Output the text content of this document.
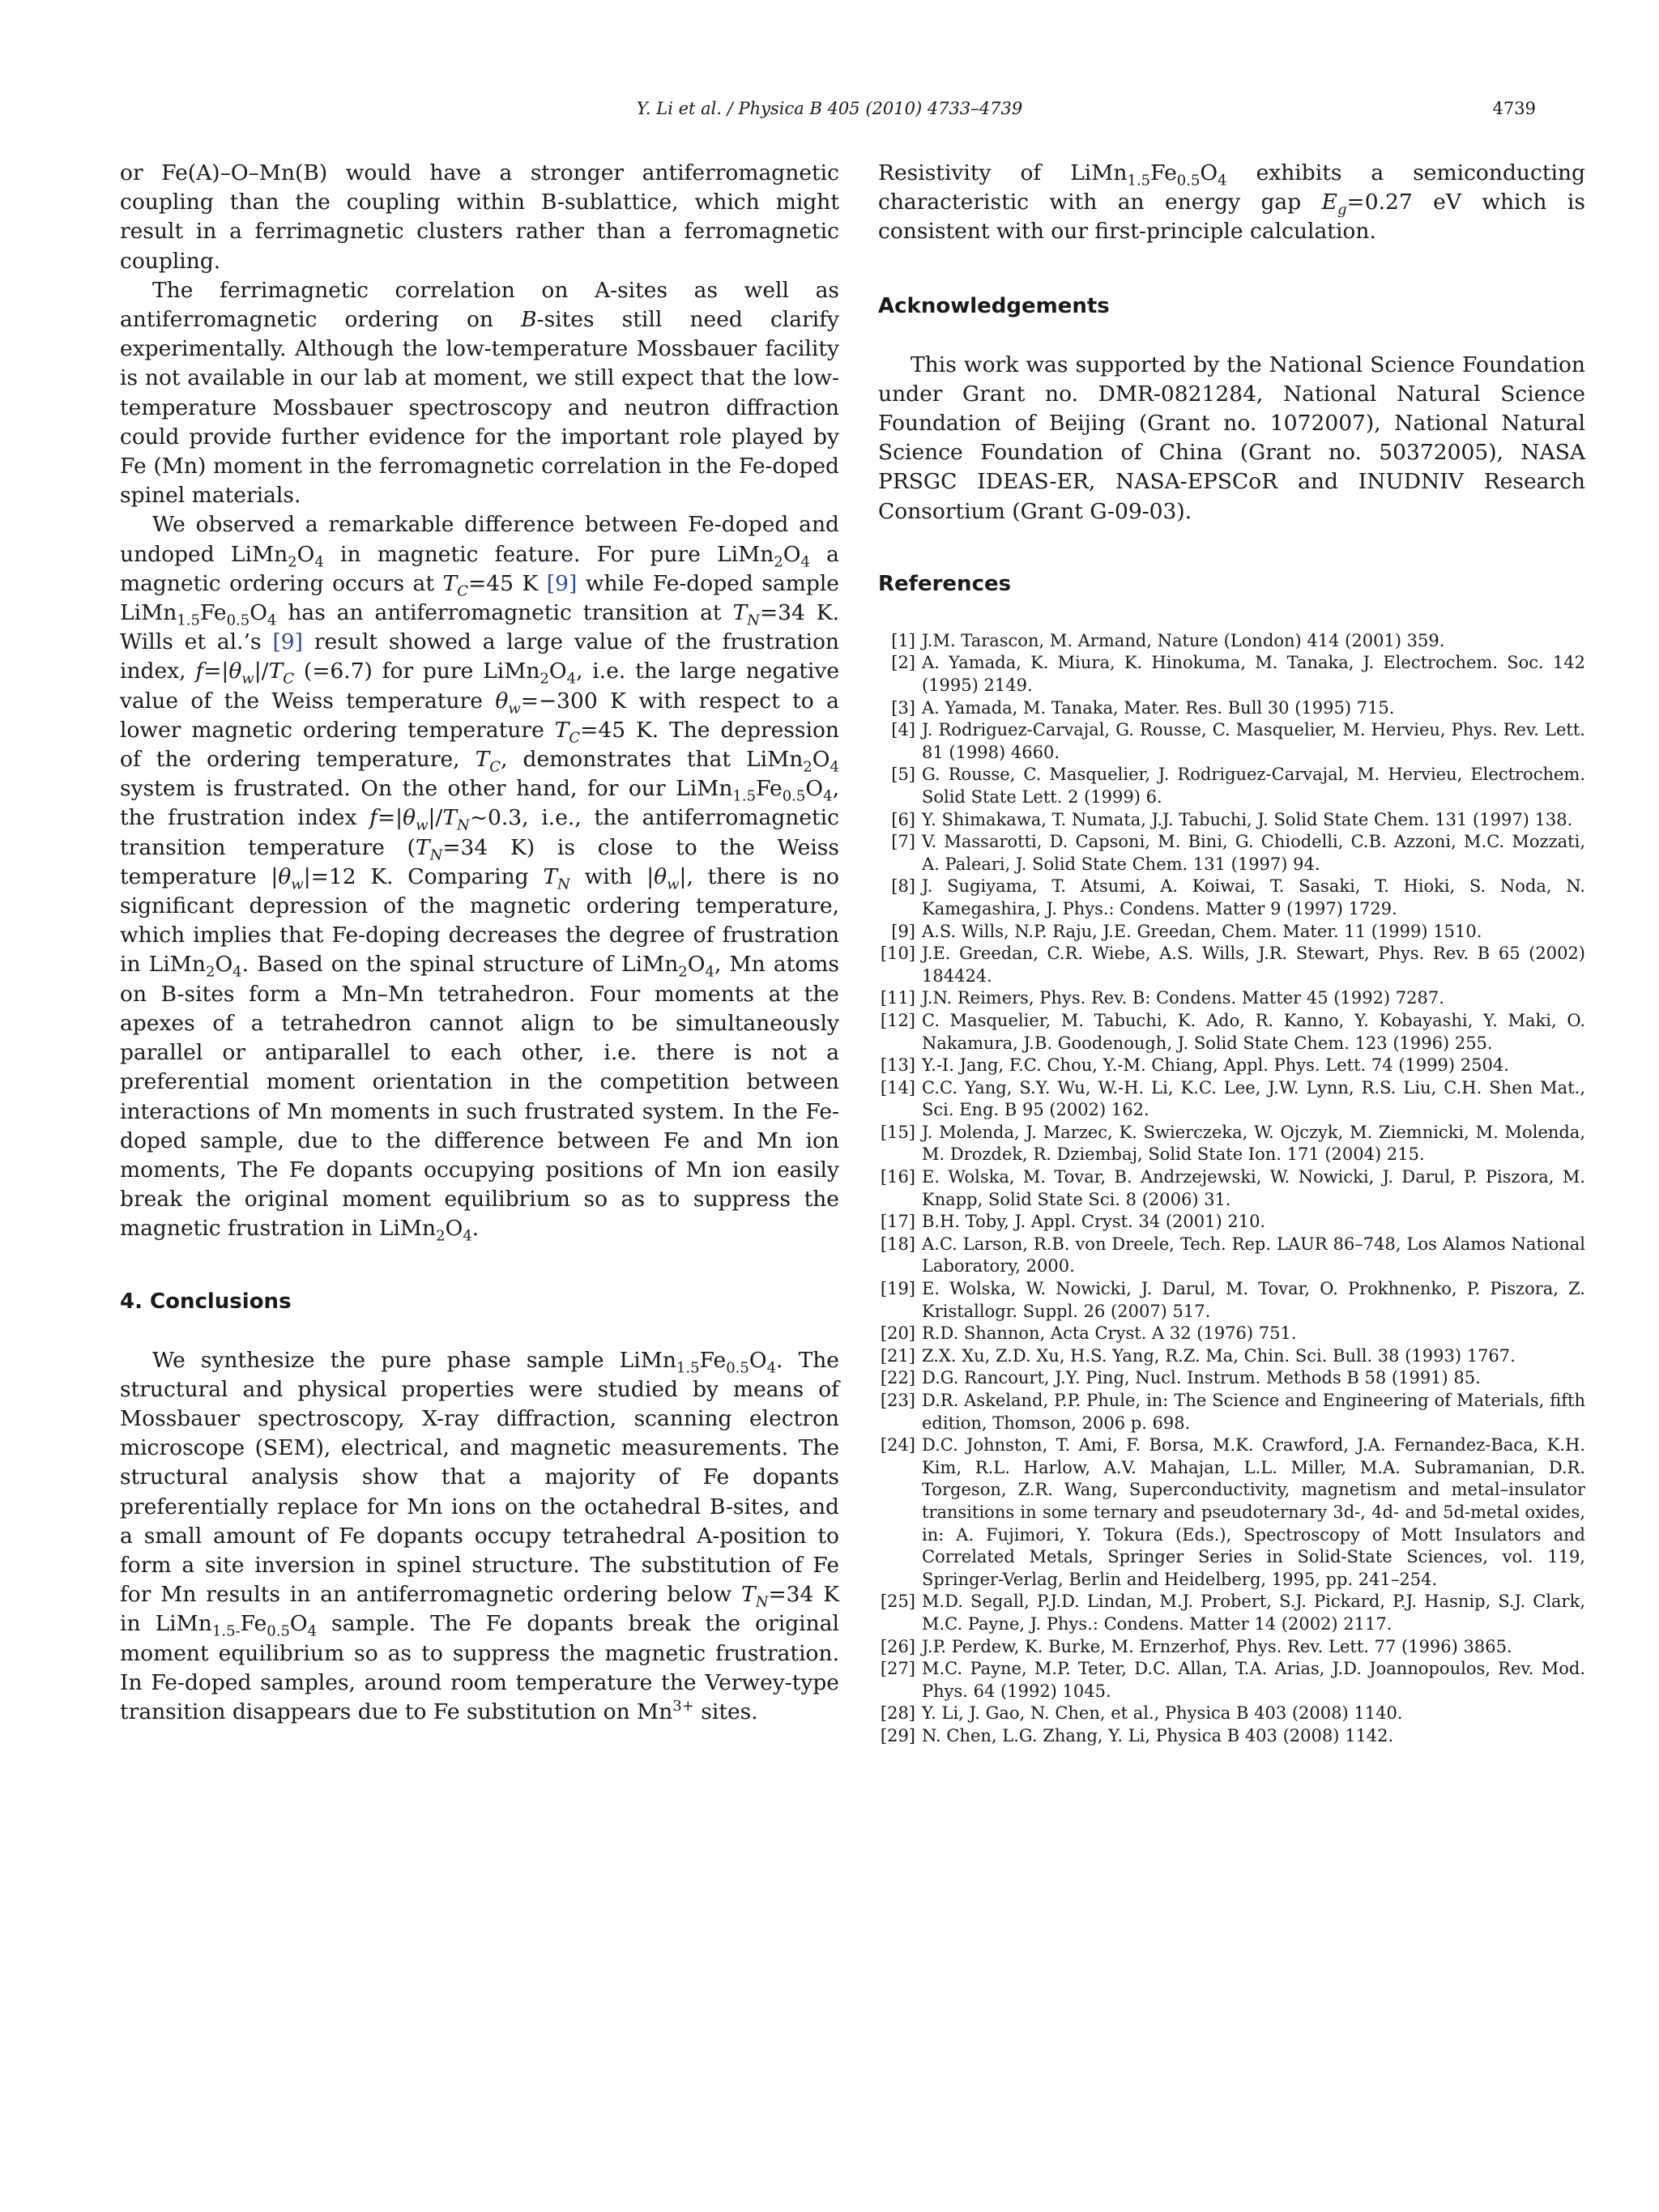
Y. Li et al. / Physica B 405 (2010) 4733–4739	4739

or Fe(A)–O–Mn(B) would have a stronger antiferromagnetic coupling than the coupling within B-sublattice, which might result in a ferrimagnetic clusters rather than a ferromagnetic coupling.

The ferrimagnetic correlation on A-sites as well as antiferromagnetic ordering on B-sites still need clarify experimentally. Although the low-temperature Mossbauer facility is not available in our lab at moment, we still expect that the low-temperature Mossbauer spectroscopy and neutron diffraction could provide further evidence for the important role played by Fe (Mn) moment in the ferromagnetic correlation in the Fe-doped spinel materials.

We observed a remarkable difference between Fe-doped and undoped $LiMn_2O_4$ in magnetic feature. For pure $LiMn_2O_4$ a magnetic ordering occurs at $T_C=45$ K [9] while Fe-doped sample $LiMn_{1.5}Fe_{0.5}O_4$ has an antiferromagnetic transition at $T_N=34$ K. Wills et al.’s [9] result showed a large value of the frustration index, $f=|\theta_w|/T_C$ (=6.7) for pure $LiMn_2O_4$, i.e. the large negative value of the Weiss temperature $\theta_w=-300$ K with respect to a lower magnetic ordering temperature $T_C=45$ K. The depression of the ordering temperature, $T_C$, demonstrates that $LiMn_2O_4$ system is frustrated. On the other hand, for our $LiMn_{1.5}Fe_{0.5}O_4$, the frustration index $f=|\theta_w|/T_N\sim 0.3$, i.e., the antiferromagnetic transition temperature ($T_N=34$ K) is close to the Weiss temperature $|\theta_w|=12$ K. Comparing $T_N$ with $|\theta_w|$, there is no significant depression of the magnetic ordering temperature, which implies that Fe-doping decreases the degree of frustration in $LiMn_2O_4$. Based on the spinal structure of $LiMn_2O_4$, Mn atoms on B-sites form a Mn–Mn tetrahedron. Four moments at the apexes of a tetrahedron cannot align to be simultaneously parallel or antiparallel to each other, i.e. there is not a preferential moment orientation in the competition between interactions of Mn moments in such frustrated system. In the Fe-doped sample, due to the difference between Fe and Mn ion moments, The Fe dopants occupying positions of Mn ion easily break the original moment equilibrium so as to suppress the magnetic frustration in $LiMn_2O_4$.

4. Conclusions

We synthesize the pure phase sample $LiMn_{1.5}Fe_{0.5}O_4$. The structural and physical properties were studied by means of Mossbauer spectroscopy, X-ray diffraction, scanning electron microscope (SEM), electrical, and magnetic measurements. The structural analysis show that a majority of Fe dopants preferentially replace for Mn ions on the octahedral B-sites, and a small amount of Fe dopants occupy tetrahedral A-position to form a site inversion in spinel structure. The substitution of Fe for Mn results in an antiferromagnetic ordering below $T_N=34$ K in $LiMn_{1.5-}Fe_{0.5}O_4$ sample. The Fe dopants break the original moment equilibrium so as to suppress the magnetic frustration. In Fe-doped samples, around room temperature the Verwey-type transition disappears due to Fe substitution on $Mn^{3+}$ sites.

Resistivity of $LiMn_{1.5}Fe_{0.5}O_4$ exhibits a semiconducting characteristic with an energy gap $E_g=0.27$ eV which is consistent with our first-principle calculation.

Acknowledgements

This work was supported by the National Science Foundation under Grant no. DMR-0821284, National Natural Science Foundation of Beijing (Grant no. 1072007), National Natural Science Foundation of China (Grant no. 50372005), NASA PRSGC IDEAS-ER, NASA-EPSCoR and INUDNIV Research Consortium (Grant G-09-03).

References
[1] J.M. Tarascon, M. Armand, Nature (London) 414 (2001) 359.
[2] A. Yamada, K. Miura, K. Hinokuma, M. Tanaka, J. Electrochem. Soc. 142 (1995) 2149.
[3] A. Yamada, M. Tanaka, Mater. Res. Bull 30 (1995) 715.
[4] J. Rodriguez-Carvajal, G. Rousse, C. Masquelier, M. Hervieu, Phys. Rev. Lett. 81 (1998) 4660.
[5] G. Rousse, C. Masquelier, J. Rodriguez-Carvajal, M. Hervieu, Electrochem. Solid State Lett. 2 (1999) 6.
[6] Y. Shimakawa, T. Numata, J.J. Tabuchi, J. Solid State Chem. 131 (1997) 138.
[7] V. Massarotti, D. Capsoni, M. Bini, G. Chiodelli, C.B. Azzoni, M.C. Mozzati, A. Paleari, J. Solid State Chem. 131 (1997) 94.
[8] J. Sugiyama, T. Atsumi, A. Koiwai, T. Sasaki, T. Hioki, S. Noda, N. Kamegashira, J. Phys.: Condens. Matter 9 (1997) 1729.
[9] A.S. Wills, N.P. Raju, J.E. Greedan, Chem. Mater. 11 (1999) 1510.
[10] J.E. Greedan, C.R. Wiebe, A.S. Wills, J.R. Stewart, Phys. Rev. B 65 (2002) 184424.
[11] J.N. Reimers, Phys. Rev. B: Condens. Matter 45 (1992) 7287.
[12] C. Masquelier, M. Tabuchi, K. Ado, R. Kanno, Y. Kobayashi, Y. Maki, O. Nakamura, J.B. Goodenough, J. Solid State Chem. 123 (1996) 255.
[13] Y.-I. Jang, F.C. Chou, Y.-M. Chiang, Appl. Phys. Lett. 74 (1999) 2504.
[14] C.C. Yang, S.Y. Wu, W.-H. Li, K.C. Lee, J.W. Lynn, R.S. Liu, C.H. Shen Mat., Sci. Eng. B 95 (2002) 162.
[15] J. Molenda, J. Marzec, K. Swierczeka, W. Ojczyk, M. Ziemnicki, M. Molenda, M. Drozdek, R. Dziembaj, Solid State Ion. 171 (2004) 215.
[16] E. Wolska, M. Tovar, B. Andrzejewski, W. Nowicki, J. Darul, P. Piszora, M. Knapp, Solid State Sci. 8 (2006) 31.
[17] B.H. Toby, J. Appl. Cryst. 34 (2001) 210.
[18] A.C. Larson, R.B. von Dreele, Tech. Rep. LAUR 86–748, Los Alamos National Laboratory, 2000.
[19] E. Wolska, W. Nowicki, J. Darul, M. Tovar, O. Prokhnenko, P. Piszora, Z. Kristallogr. Suppl. 26 (2007) 517.
[20] R.D. Shannon, Acta Cryst. A 32 (1976) 751.
[21] Z.X. Xu, Z.D. Xu, H.S. Yang, R.Z. Ma, Chin. Sci. Bull. 38 (1993) 1767.
[22] D.G. Rancourt, J.Y. Ping, Nucl. Instrum. Methods B 58 (1991) 85.
[23] D.R. Askeland, P.P. Phule, in: The Science and Engineering of Materials, fifth edition, Thomson, 2006 p. 698.
[24] D.C. Johnston, T. Ami, F. Borsa, M.K. Crawford, J.A. Fernandez-Baca, K.H. Kim, R.L. Harlow, A.V. Mahajan, L.L. Miller, M.A. Subramanian, D.R. Torgeson, Z.R. Wang, Superconductivity, magnetism and metal–insulator transitions in some ternary and pseudoternary 3d-, 4d- and 5d-metal oxides, in: A. Fujimori, Y. Tokura (Eds.), Spectroscopy of Mott Insulators and Correlated Metals, Springer Series in Solid-State Sciences, vol. 119, Springer-Verlag, Berlin and Heidelberg, 1995, pp. 241–254.
[25] M.D. Segall, P.J.D. Lindan, M.J. Probert, S.J. Pickard, P.J. Hasnip, S.J. Clark, M.C. Payne, J. Phys.: Condens. Matter 14 (2002) 2117.
[26] J.P. Perdew, K. Burke, M. Ernzerhof, Phys. Rev. Lett. 77 (1996) 3865.
[27] M.C. Payne, M.P. Teter, D.C. Allan, T.A. Arias, J.D. Joannopoulos, Rev. Mod. Phys. 64 (1992) 1045.
[28] Y. Li, J. Gao, N. Chen, et al., Physica B 403 (2008) 1140.
[29] N. Chen, L.G. Zhang, Y. Li, Physica B 403 (2008) 1142.
